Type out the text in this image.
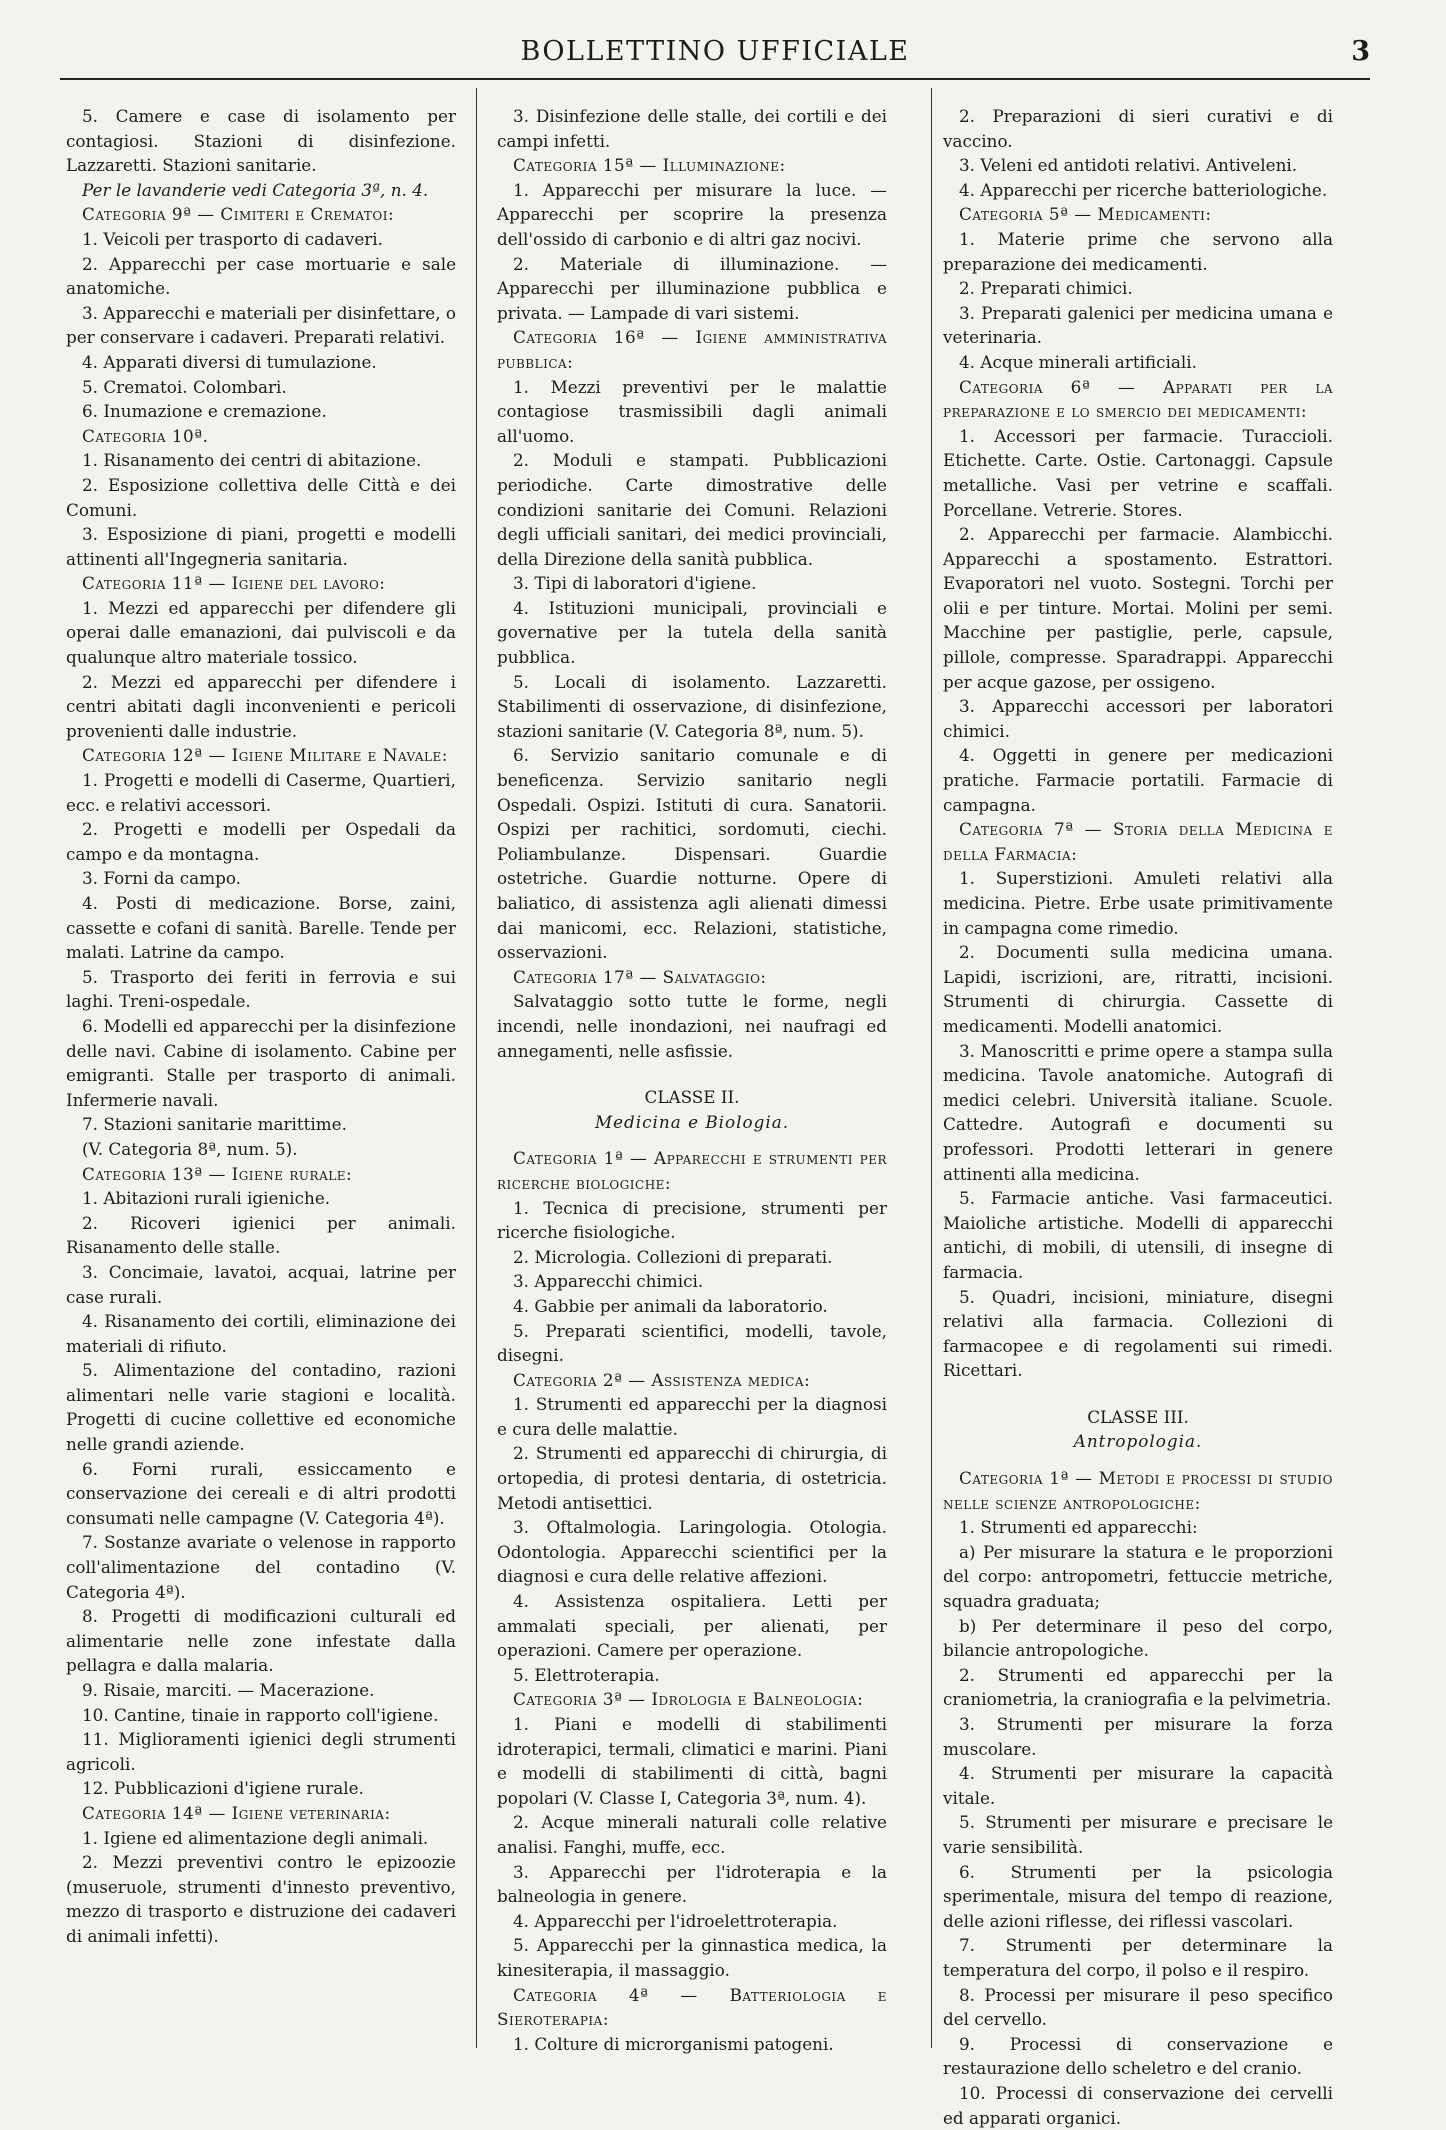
BOLLETTINO UFFICIALE	3

5. Camere e case di isolamento per contagiosi. Stazioni di disinfezione. Lazzaretti. Stazioni sanitarie.

Per le lavanderie vedi Categoria 3ª, n. 4.

Categoria 9ª — Cimiteri e Crematoi:

1. Veicoli per trasporto di cadaveri.

2. Apparecchi per case mortuarie e sale anatomiche.

3. Apparecchi e materiali per disinfettare, o per conservare i cadaveri. Preparati relativi.

4. Apparati diversi di tumulazione.

5. Crematoi. Colombari.

6. Inumazione e cremazione.

Categoria 10ª.

1. Risanamento dei centri di abitazione.

2. Esposizione collettiva delle Città e dei Comuni.

3. Esposizione di piani, progetti e modelli attinenti all'Ingegneria sanitaria.

Categoria 11ª — Igiene del lavoro:

1. Mezzi ed apparecchi per difendere gli operai dalle emanazioni, dai pulviscoli e da qualunque altro materiale tossico.

2. Mezzi ed apparecchi per difendere i centri abitati dagli inconvenienti e pericoli provenienti dalle industrie.

Categoria 12ª — Igiene Militare e Navale:

1. Progetti e modelli di Caserme, Quartieri, ecc. e relativi accessori.

2. Progetti e modelli per Ospedali da campo e da montagna.

3. Forni da campo.

4. Posti di medicazione. Borse, zaini, cassette e cofani di sanità. Barelle. Tende per malati. Latrine da campo.

5. Trasporto dei feriti in ferrovia e sui laghi. Treni-ospedale.

6. Modelli ed apparecchi per la disinfezione delle navi. Cabine di isolamento. Cabine per emigranti. Stalle per trasporto di animali. Infermerie navali.

7. Stazioni sanitarie marittime.

(V. Categoria 8ª, num. 5).

Categoria 13ª — Igiene rurale:

1. Abitazioni rurali igieniche.

2. Ricoveri igienici per animali. Risanamento delle stalle.

3. Concimaie, lavatoi, acquai, latrine per case rurali.

4. Risanamento dei cortili, eliminazione dei materiali di rifiuto.

5. Alimentazione del contadino, razioni alimentari nelle varie stagioni e località. Progetti di cucine collettive ed economiche nelle grandi aziende.

6. Forni rurali, essiccamento e conservazione dei cereali e di altri prodotti consumati nelle campagne (V. Categoria 4ª).

7. Sostanze avariate o velenose in rapporto coll'alimentazione del contadino (V. Categoria 4ª).

8. Progetti di modificazioni culturali ed alimentarie nelle zone infestate dalla pellagra e dalla malaria.

9. Risaie, marciti. — Macerazione.

10. Cantine, tinaie in rapporto coll'igiene.

11. Miglioramenti igienici degli strumenti agricoli.

12. Pubblicazioni d'igiene rurale.

Categoria 14ª — Igiene veterinaria:

1. Igiene ed alimentazione degli animali.

2. Mezzi preventivi contro le epizoozie (museruole, strumenti d'innesto preventivo, mezzo di trasporto e distruzione dei cadaveri di animali infetti).

3. Disinfezione delle stalle, dei cortili e dei campi infetti.

Categoria 15ª — Illuminazione:

1. Apparecchi per misurare la luce. — Apparecchi per scoprire la presenza dell'ossido di carbonio e di altri gaz nocivi.

2. Materiale di illuminazione. — Apparecchi per illuminazione pubblica e privata. — Lampade di vari sistemi.

Categoria 16ª — Igiene amministrativa pubblica:

1. Mezzi preventivi per le malattie contagiose trasmissibili dagli animali all'uomo.

2. Moduli e stampati. Pubblicazioni periodiche. Carte dimostrative delle condizioni sanitarie dei Comuni. Relazioni degli ufficiali sanitari, dei medici provinciali, della Direzione della sanità pubblica.

3. Tipi di laboratori d'igiene.

4. Istituzioni municipali, provinciali e governative per la tutela della sanità pubblica.

5. Locali di isolamento. Lazzaretti. Stabilimenti di osservazione, di disinfezione, stazioni sanitarie (V. Categoria 8ª, num. 5).

6. Servizio sanitario comunale e di beneficenza. Servizio sanitario negli Ospedali. Ospizi. Istituti di cura. Sanatorii. Ospizi per rachitici, sordomuti, ciechi. Poliambulanze. Dispensari. Guardie ostetriche. Guardie notturne. Opere di baliatico, di assistenza agli alienati dimessi dai manicomi, ecc. Relazioni, statistiche, osservazioni.

Categoria 17ª — Salvataggio:

Salvataggio sotto tutte le forme, negli incendi, nelle inondazioni, nei naufragi ed annegamenti, nelle asfissie.

CLASSE II.

Medicina e Biologia.

Categoria 1ª — Apparecchi e strumenti per ricerche biologiche:

1. Tecnica di precisione, strumenti per ricerche fisiologiche.

2. Micrologia. Collezioni di preparati.

3. Apparecchi chimici.

4. Gabbie per animali da laboratorio.

5. Preparati scientifici, modelli, tavole, disegni.

Categoria 2ª — Assistenza medica:

1. Strumenti ed apparecchi per la diagnosi e cura delle malattie.

2. Strumenti ed apparecchi di chirurgia, di ortopedia, di protesi dentaria, di ostetricia. Metodi antisettici.

3. Oftalmologia. Laringologia. Otologia. Odontologia. Apparecchi scientifici per la diagnosi e cura delle relative affezioni.

4. Assistenza ospitaliera. Letti per ammalati speciali, per alienati, per operazioni. Camere per operazione.

5. Elettroterapia.

Categoria 3ª — Idrologia e Balneologia:

1. Piani e modelli di stabilimenti idroterapici, termali, climatici e marini. Piani e modelli di stabilimenti di città, bagni popolari (V. Classe I, Categoria 3ª, num. 4).

2. Acque minerali naturali colle relative analisi. Fanghi, muffe, ecc.

3. Apparecchi per l'idroterapia e la balneologia in genere.

4. Apparecchi per l'idroelettroterapia.

5. Apparecchi per la ginnastica medica, la kinesiterapia, il massaggio.

Categoria 4ª — Batteriologia e Sieroterapia:

1. Colture di microrganismi patogeni.

2. Preparazioni di sieri curativi e di vaccino.

3. Veleni ed antidoti relativi. Antiveleni.

4. Apparecchi per ricerche batteriologiche.

Categoria 5ª — Medicamenti:

1. Materie prime che servono alla preparazione dei medicamenti.

2. Preparati chimici.

3. Preparati galenici per medicina umana e veterinaria.

4. Acque minerali artificiali.

Categoria 6ª — Apparati per la preparazione e lo smercio dei medicamenti:

1. Accessori per farmacie. Turaccioli. Etichette. Carte. Ostie. Cartonaggi. Capsule metalliche. Vasi per vetrine e scaffali. Porcellane. Vetrerie. Stores.

2. Apparecchi per farmacie. Alambicchi. Apparecchi a spostamento. Estrattori. Evaporatori nel vuoto. Sostegni. Torchi per olii e per tinture. Mortai. Molini per semi. Macchine per pastiglie, perle, capsule, pillole, compresse. Sparadrappi. Apparecchi per acque gazose, per ossigeno.

3. Apparecchi accessori per laboratori chimici.

4. Oggetti in genere per medicazioni pratiche. Farmacie portatili. Farmacie di campagna.

Categoria 7ª — Storia della Medicina e della Farmacia:

1. Superstizioni. Amuleti relativi alla medicina. Pietre. Erbe usate primitivamente in campagna come rimedio.

2. Documenti sulla medicina umana. Lapidi, iscrizioni, are, ritratti, incisioni. Strumenti di chirurgia. Cassette di medicamenti. Modelli anatomici.

3. Manoscritti e prime opere a stampa sulla medicina. Tavole anatomiche. Autografi di medici celebri. Università italiane. Scuole. Cattedre. Autografi e documenti su professori. Prodotti letterari in genere attinenti alla medicina.

5. Farmacie antiche. Vasi farmaceutici. Maioliche artistiche. Modelli di apparecchi antichi, di mobili, di utensili, di insegne di farmacia.

5. Quadri, incisioni, miniature, disegni relativi alla farmacia. Collezioni di farmacopee e di regolamenti sui rimedi. Ricettari.

CLASSE III.

Antropologia.

Categoria 1ª — Metodi e processi di studio nelle scienze antropologiche:

1. Strumenti ed apparecchi:

a) Per misurare la statura e le proporzioni del corpo: antropometri, fettuccie metriche, squadra graduata;

b) Per determinare il peso del corpo, bilancie antropologiche.

2. Strumenti ed apparecchi per la craniometria, la craniografia e la pelvimetria.

3. Strumenti per misurare la forza muscolare.

4. Strumenti per misurare la capacità vitale.

5. Strumenti per misurare e precisare le varie sensibilità.

6. Strumenti per la psicologia sperimentale, misura del tempo di reazione, delle azioni riflesse, dei riflessi vascolari.

7. Strumenti per determinare la temperatura del corpo, il polso e il respiro.

8. Processi per misurare il peso specifico del cervello.

9. Processi di conservazione e restaurazione dello scheletro e del cranio.

10. Processi di conservazione dei cervelli ed apparati organici.
